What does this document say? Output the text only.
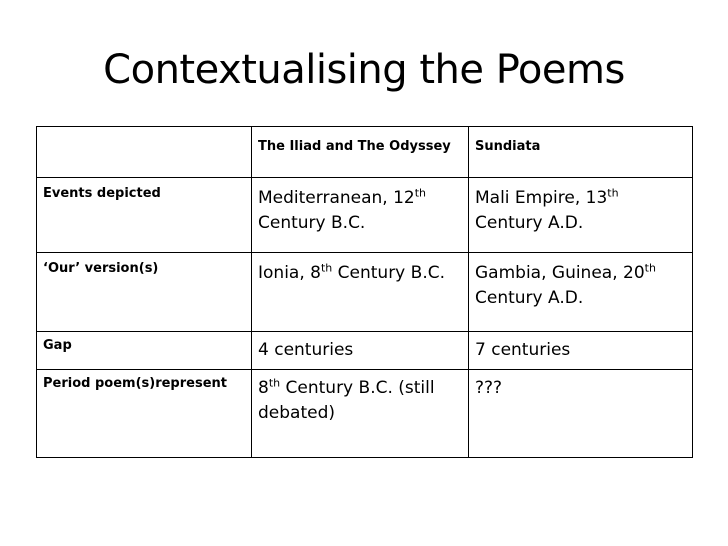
Contextualising the Poems
	The Iliad and The Odyssey	Sundiata
Events depicted	Mediterranean, 12th Century B.C.	Mali Empire, 13th Century A.D.
‘Our’ version(s)	Ionia, 8th Century B.C.	Gambia, Guinea, 20th Century A.D.
Gap	4 centuries	7 centuries
Period poem(s)represent	8th Century B.C. (still debated)	???
